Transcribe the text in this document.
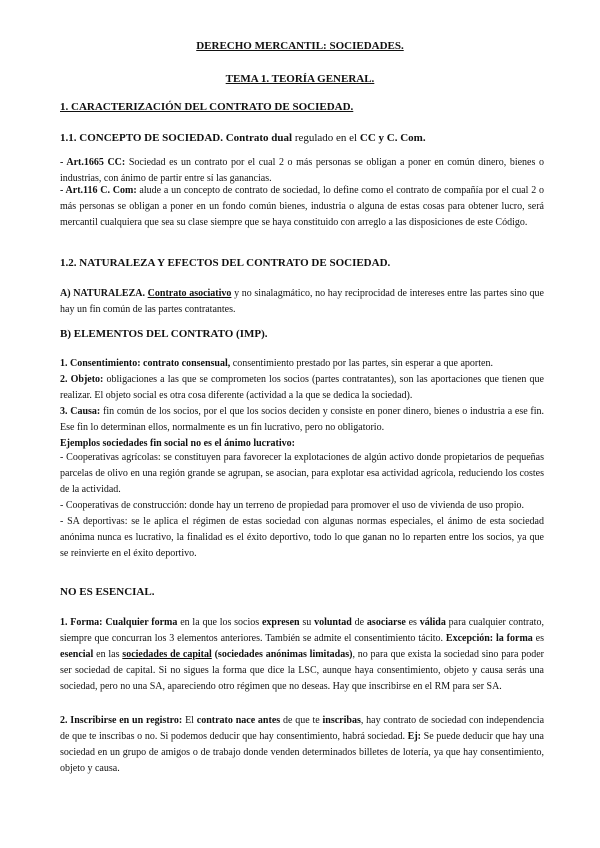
DERECHO MERCANTIL: SOCIEDADES.
TEMA 1. TEORÍA GENERAL.
1. CARACTERIZACIÓN DEL CONTRATO DE SOCIEDAD.
1.1. CONCEPTO DE SOCIEDAD. Contrato dual regulado en el CC y C. Com.
- Art.1665 CC: Sociedad es un contrato por el cual 2 o más personas se obligan a poner en común dinero, bienes o industrias, con ánimo de partir entre sí las ganancias.
- Art.116 C. Com: alude a un concepto de contrato de sociedad, lo define como el contrato de compañía por el cual 2 o más personas se obligan a poner en un fondo común bienes, industria o alguna de estas cosas para obtener lucro, será mercantil cualquiera que sea su clase siempre que se haya constituido con arreglo a las disposiciones de este Código.
1.2. NATURALEZA Y EFECTOS DEL CONTRATO DE SOCIEDAD.
A) NATURALEZA. Contrato asociativo y no sinalagmático, no hay reciprocidad de intereses entre las partes sino que hay un fin común de las partes contratantes.
B) ELEMENTOS DEL CONTRATO (IMP).
1. Consentimiento: contrato consensual, consentimiento prestado por las partes, sin esperar a que aporten.
2. Objeto: obligaciones a las que se comprometen los socios (partes contratantes), son las aportaciones que tienen que realizar. El objeto social es otra cosa diferente (actividad a la que se dedica la sociedad).
3. Causa: fin común de los socios, por el que los socios deciden y consiste en poner dinero, bienes o industria a ese fin. Ese fin lo determinan ellos, normalmente es un fin lucrativo, pero no obligatorio.
Ejemplos sociedades fin social no es el ánimo lucrativo:
- Cooperativas agrícolas: se constituyen para favorecer la explotaciones de algún activo donde propietarios de pequeñas parcelas de olivo en una región grande se agrupan, se asocian, para explotar esa actividad agrícola, reduciendo los costes de la actividad.
- Cooperativas de construcción: donde hay un terreno de propiedad para promover el uso de vivienda de uso propio.
- SA deportivas: se le aplica el régimen de estas sociedad con algunas normas especiales, el ánimo de esta sociedad anónima nunca es lucrativo, la finalidad es el éxito deportivo, todo lo que ganan no lo reparten entre los socios, ya que se reinvierte en el éxito deportivo.
NO ES ESENCIAL.
1. Forma: Cualquier forma en la que los socios expresen su voluntad de asociarse es válida para cualquier contrato, siempre que concurran los 3 elementos anteriores. También se admite el consentimiento tácito. Excepción: la forma es esencial en las sociedades de capital (sociedades anónimas limitadas), no para que exista la sociedad sino para poder ser sociedad de capital. Si no sigues la forma que dice la LSC, aunque haya consentimiento, objeto y causa serás una sociedad, pero no una SA, apareciendo otro régimen que no deseas. Hay que inscribirse en el RM para ser SA.
2. Inscribirse en un registro: El contrato nace antes de que te inscribas, hay contrato de sociedad con independencia de que te inscribas o no. Si podemos deducir que hay consentimiento, habrá sociedad. Ej: Se puede deducir que hay una sociedad en un grupo de amigos o de trabajo donde venden determinados billetes de lotería, ya que hay consentimiento, objeto y causa.
